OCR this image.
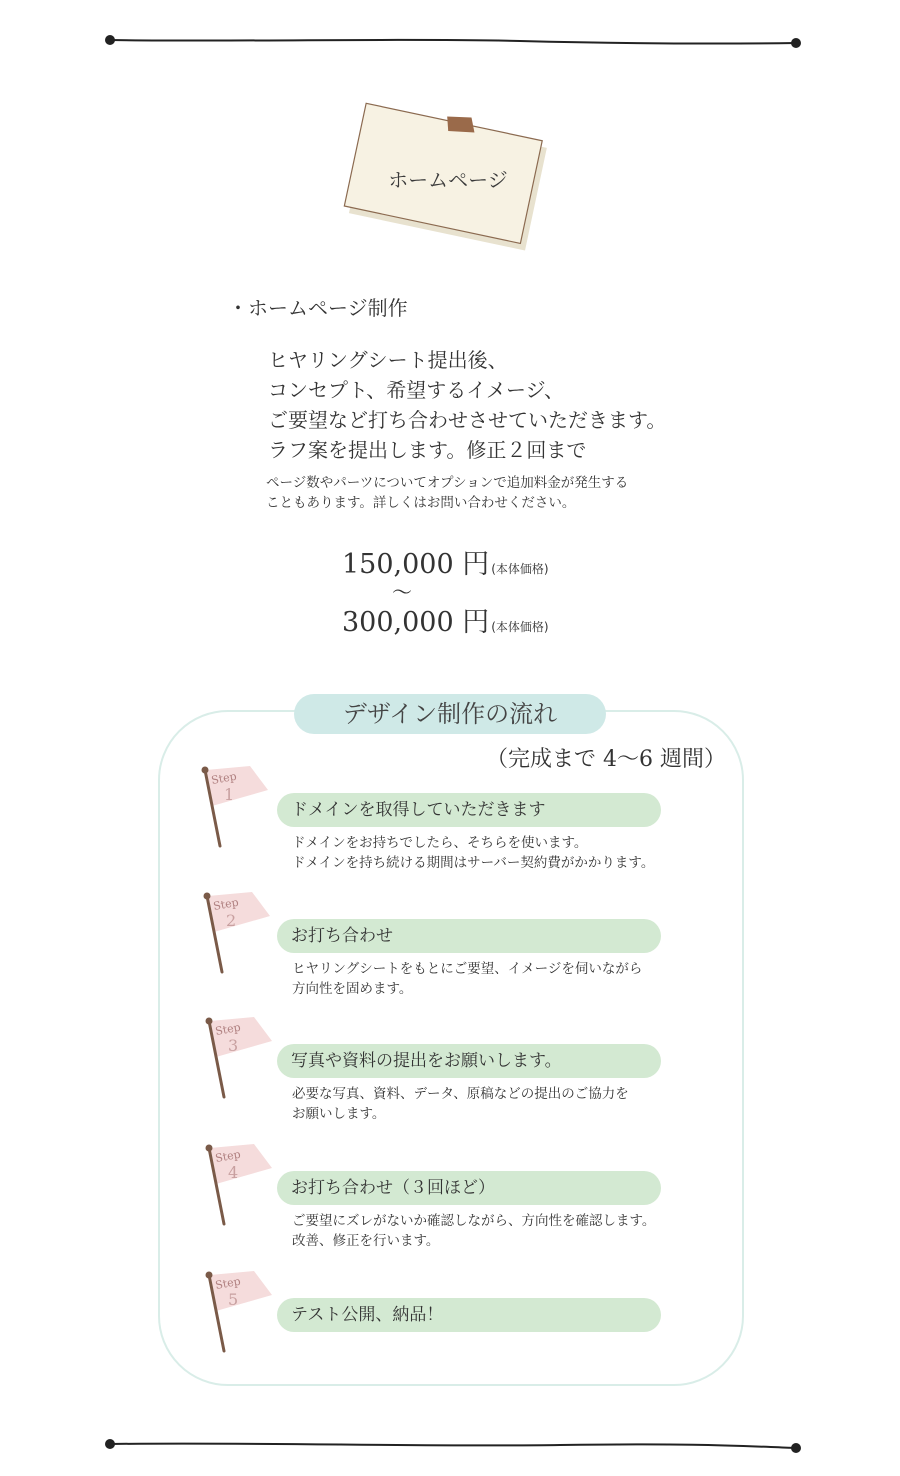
ホームページ
・ホームページ制作
ヒヤリングシート提出後、
コンセプト、希望するイメージ、
ご要望など打ち合わせさせていただきます。
ラフ案を提出します。修正２回まで
ページ数やパーツについてオプションで追加料金が発生する
こともあります。詳しくはお問い合わせください。
150,000 円 (本体価格)
～
300,000 円 (本体価格)
デザイン制作の流れ
（完成まで 4〜6 週間）
Step
1
ドメインを取得していただきます
ドメインをお持ちでしたら、そちらを使います。
ドメインを持ち続ける期間はサーバー契約費がかかります。
Step
2
お打ち合わせ
ヒヤリングシートをもとにご要望、イメージを伺いながら
方向性を固めます。
Step
3
写真や資料の提出をお願いします。
必要な写真、資料、データ、原稿などの提出のご協力を
お願いします。
Step
4
お打ち合わせ（３回ほど）
ご要望にズレがないか確認しながら、方向性を確認します。
改善、修正を行います。
Step
5
テスト公開、納品！
